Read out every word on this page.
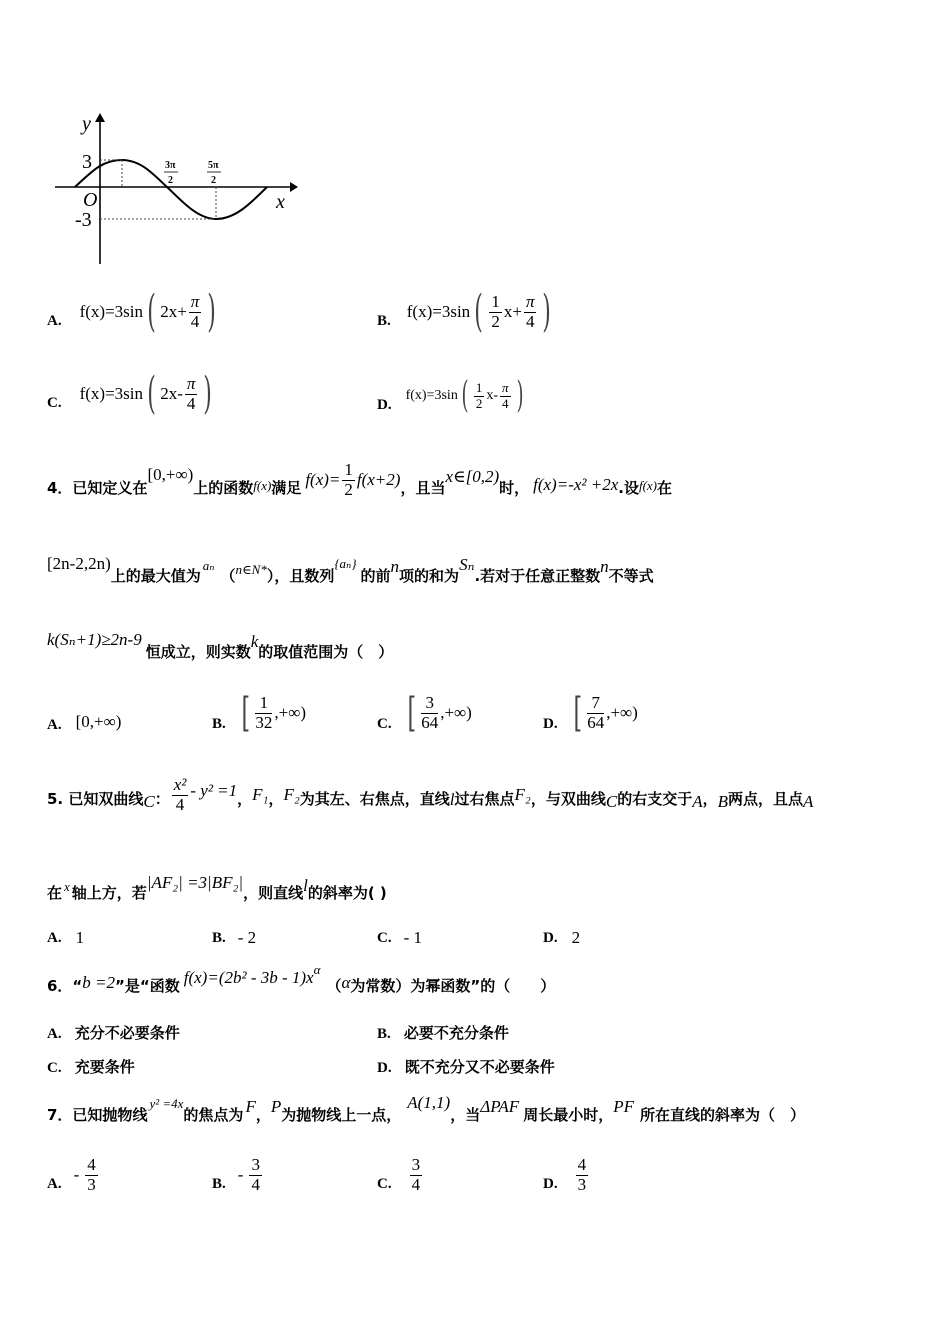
y
x
O
3
-3
3π
2
5π
2
A. f(x)=3sin ( $2x+ \frac{\pi}{4}$ )	B. f(x)=3sin ( $\frac{1}{2} x+ \frac{\pi}{4}$ )
C. f(x)=3sin ( $2x- \frac{\pi}{4}$ )	D.
f(x)=3sin ( $\frac{1}{2} x- \frac{\pi}{4}$ )
4．已知定义在
[0,+∞)
上的函数 f(x) 满足 $f(x)= \frac{1}{2} f(x+2)$ ，且当
x∈[0,2)
时， f(x)=-x² +2x .设 f(x) 在
[2n-2,2n)
上的最大值为
aₙ
（ n∈N* ），且数列
{aₙ}
的前 n 项的和为
Sₙ
.若对于任意正整数 n 不等式
k(Sₙ+1)≥2n-9
恒成立，则实数
k
的取值范围为（　）
A. [0,+∞)	B. [ $\frac{1}{32}$ ,+∞)
C. [ $\frac{3}{64}$ ,+∞)
D. [ $\frac{7}{64}$ ,+∞)
5. 已知双曲线 C ： $\frac{\text{x²}}{4} - y^2 =1$ ， F₁ ， F₂ 为其左、右焦点，直线 l 过右焦点 F₂ ，与双曲线 C 的右支交于 A ， B 两点，且点 A
在 x 轴上方，若
|AF₂| =3|BF₂|
，则直线 l 的斜率为( )
A. 1	B. - 2	C. - 1	D. 2
6．“ b =2 ”是“函数 f(x)=(2b² - 3b - 1)x α
（ α 为常数）为幂函数”的（　　）
A. 充分不必要条件	B. 必要不充分条件
C. 充要条件	D. 既不充分又不必要条件
7．已知抛物线
y² =4x
的焦点为 F ， P 为抛物线上一点，
A(1,1)
，当 ΔPAF 周长最小时， PF 所在直线的斜率为（　）
A. - $\frac{4}{3}$	B. - $\frac{3}{4}$	C. $\frac{3}{4}$	D. $\frac{4}{3}$
